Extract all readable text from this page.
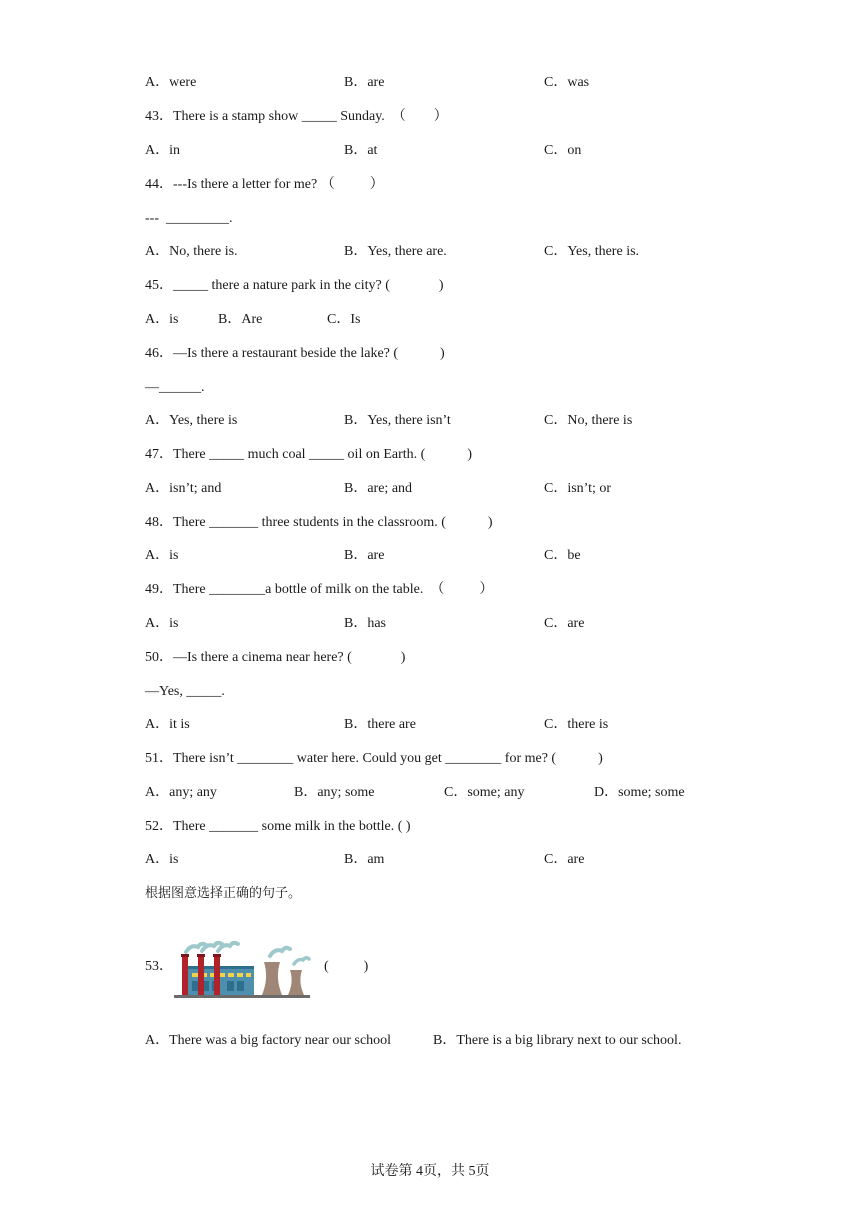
A．were	B．are	C．was
43．There is a stamp show _____ Sunday.  （        ）
A．in	B．at	C．on
44．---Is there a letter for me? （          ）
---  _________.
A．No, there is.	B．Yes, there are.	C．Yes, there is.
45．_____ there a nature park in the city? (              )
A．is	B．Are	C．Is
46．—Is there a restaurant beside the lake? (            )
—______.
A．Yes, there is	B．Yes, there isn’t	C．No, there is
47．There _____ much coal _____ oil on Earth. (            )
A．isn’t; and	B．are; and	C．isn’t; or
48．There _______ three students in the classroom. (            )
A．is	B．are	C．be
49．There ________a bottle of milk on the table.  （          ）
A．is	B．has	C．are
50．—Is there a cinema near here? (              )
—Yes, _____.
A．it is	B．there are	C．there is
51．There isn’t ________ water here. Could you get ________ for me? (            )
A．any; any	B．any; some	C．some; any	D．some; some
52．There _______ some milk in the bottle. ( )
A．is	B．am	C．are
根据图意选择正确的句子。
53．	(          )
A．There was a big factory near our school	B．There is a big library next to our school.
试卷第 4页，共 5页
